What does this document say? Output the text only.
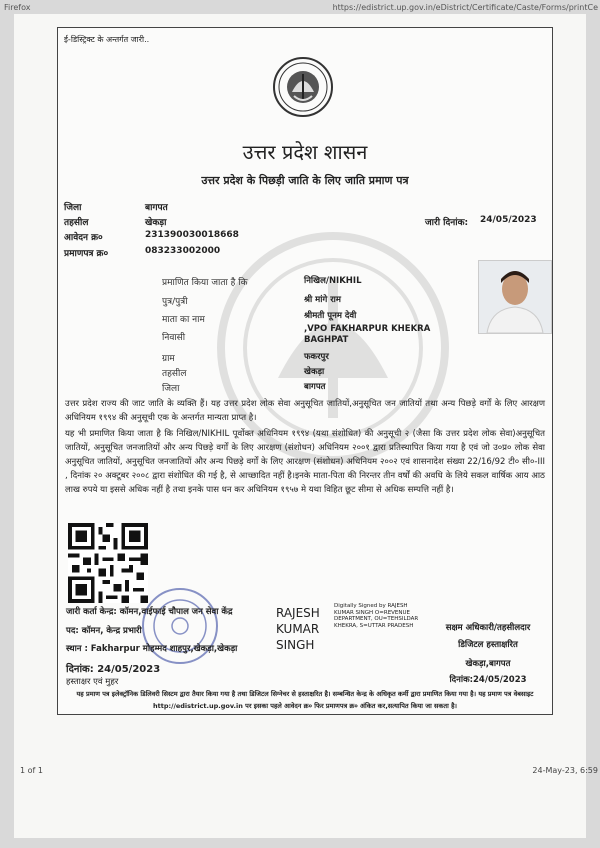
Firefox	https://edistrict.up.gov.in/eDistrict/Certificate/Caste/Forms/printCe
ई-डिस्ट्रिक्ट के अन्तर्गत जारी..
उत्तर प्रदेश शासन
उत्तर प्रदेश के पिछड़ी जाति के लिए जाति प्रमाण पत्र
जिला	बागपत
तहसील	खेकड़ा
आवेदन क्र०	231390030018668
प्रमाणपत्र क्र०	083233002000
जारी दिनांक: 24/05/2023
प्रमाणित किया जाता है कि	निखिल/NIKHIL
पुत्र/पुत्री	श्री मांगे राम
माता का नाम	श्रीमती पूनम देवी
निवासी
,VPO FAKHARPUR KHEKRA BAGHPAT
ग्राम	फकरपुर
तहसील	खेकड़ा
जिला	बागपत
उत्तर प्रदेश राज्य की जाट जाति के व्यक्ति हैं। यह उत्तर प्रदेश लोक सेवा अनुसूचित जातियों,अनुसूचित जन जातियों तथा अन्य पिछड़े वर्गों के लिए आरक्षण अधिनियम १९९४ की अनुसूची एक के अन्तर्गत मान्यता प्राप्त है।
यह भी प्रमाणित किया जाता है कि निखिल/NIKHIL पूर्वोक्त अधिनियम १९९४ (यथा संशोधित) की अनुसूची २ (जैसा कि उत्तर प्रदेश लोक सेवा)अनुसूचित जातियों, अनुसूचित जनजातियों और अन्य पिछड़े वर्गों के लिए आरक्षण (संशोधन) अधिनियम २००१ द्वारा प्रतिस्थापित किया गया है एवं जो उ०प्र० लोक सेवा अनुसूचित जातियों, अनुसूचित जनजातियों और अन्य पिछड़े वर्गों के लिए आरक्षण (संशोधन) अधिनियम २००२ एवं शासनादेश संख्या 22/16/92 टी० सी०-III , दिनांक २० अक्टूबर २००८ द्वारा संशोधित की गई है, से आच्छादित नहीं है।इनके माता-पिता की निरन्तर तीन वर्षों की अवधि के लिये सकल वार्षिक आय आठ लाख रुपये या इससे अधिक नहीं है तथा इनके पास धन कर अधिनियम १९५७ मे यथा विहित छूट सीमा से अधिक सम्पत्ति नहीं है।
जारी कर्ता केन्द्र: कॉमन,वाईफाई चौपाल जन सेवा केंद्र
पद: कॉमन, केन्द्र प्रभारी
स्थान : Fakharpur मोहम्मद शाहपुर,खेकड़ा,खेकड़ा
दिनांक: 24/05/2023
हस्ताक्षर एवं मुहर
RAJESH KUMAR SINGH
Digitally Signed by RAJESH KUMAR SINGH O=REVENUE DEPARTMENT, OU=TEHSILDAR KHEKRA, S=UTTAR PRADESH	सक्षम अधिकारी/तहसीलदार
डिजिटल हस्ताक्षरित
खेकड़ा,बागपत
दिनांक:24/05/2023
यह प्रमाण पत्र इलेक्ट्रॉनिक डिलिवरी सिस्टम द्वारा तैयार किया गया है तथा डिजिटल सिग्नेचर से हस्ताक्षरित है। सम्बन्धित केन्द्र के अधिकृत कर्मी द्वारा प्रमाणित किया गया है। यह प्रमाण पत्र वेबसाइट http://edistrict.up.gov.in पर इसका पहले आवेदन क्र० फिर प्रमाणपत्र क्र० अंकित कर,सत्यापित किया जा सकता है।
1 of 1	24-May-23, 6:59
